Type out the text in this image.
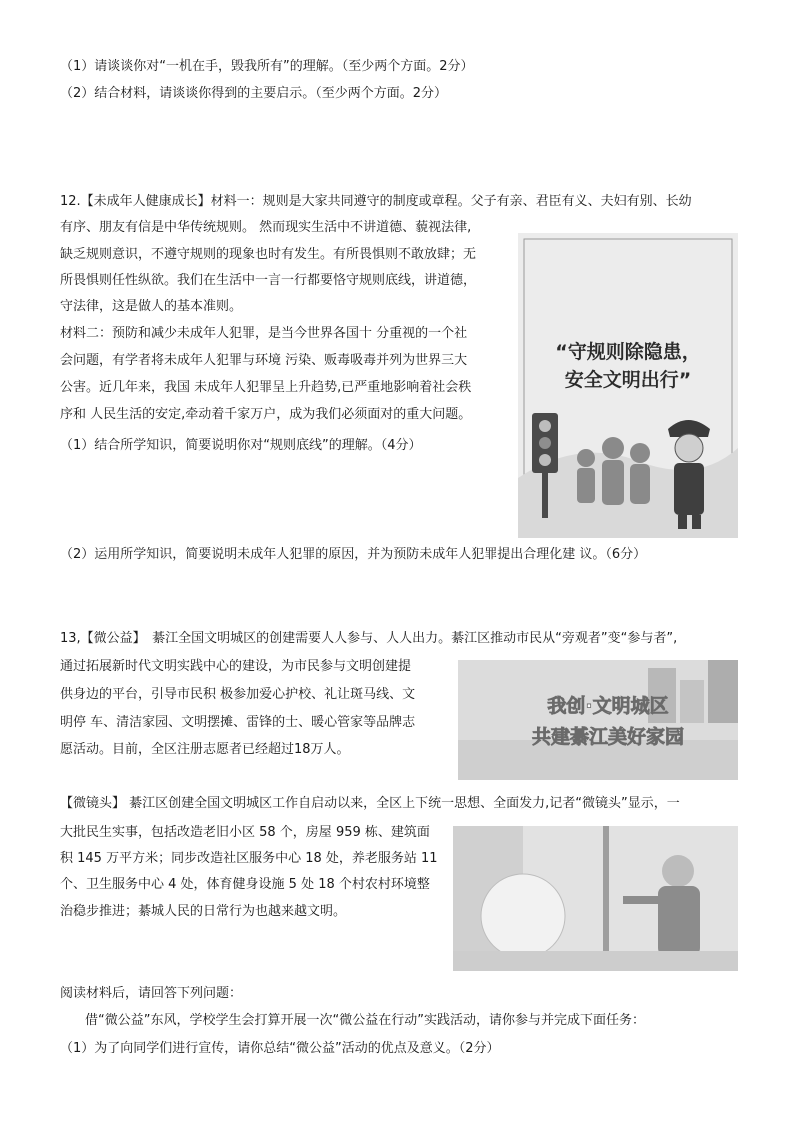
（1）请谈谈你对“一机在手，毁我所有”的理解。（至少两个方面。2分）
（2）结合材料，请谈谈你得到的主要启示。（至少两个方面。2分）
12.【未成年人健康成长】材料一：规则是大家共同遵守的制度或章程。父子有亲、君臣有义、夫妇有别、长幼
有序、朋友有信是中华传统规则。 然而现实生活中不讲道德、藐视法律,
缺乏规则意识，不遵守规则的现象也时有发生。有所畏惧则不敢放肆；无
所畏惧则任性纵欲。我们在生活中一言一行都要恪守规则底线，讲道德，
守法律，这是做人的基本准则。
材料二：预防和减少未成年人犯罪，是当今世界各国十 分重视的一个社
会问题，有学者将未成年人犯罪与环境 污染、贩毒吸毒并列为世界三大
公害。近几年来，我国 未成年人犯罪呈上升趋势,已严重地影响着社会秩
序和 人民生活的安定,牵动着千家万户，成为我们必须面对的重大问题。
（1）结合所学知识，简要说明你对“规则底线”的理解。（4分）
“守规则除隐患，
安全文明出行”
（2）运用所学知识，简要说明未成年人犯罪的原因，并为预防未成年人犯罪提出合理化建 议。（6分）
13,【微公益】　綦江全国文明城区的创建需要人人参与、人人出力。綦江区推动市民从“旁观者”变“参与者”,
通过拓展新时代文明实践中心的建设，为市民参与文明创建提
供身边的平台，引导市民积 极参加爱心护校、礼让斑马线、文
明停 车、清洁家园、文明摆摊、雷锋的士、暖心管家等品牌志
愿活动。目前，全区注册志愿者已经超过18万人。
我创·文明城区
共建綦江美好家园
【微镜头】 綦江区创建全国文明城区工作自启动以来，全区上下统一思想、全面发力,记者“微镜头”显示，一
大批民生实事，包括改造老旧小区 58 个，房屋 959 栋、建筑面
积 145 万平方米；同步改造社区服务中心 18 处，养老服务站 11
个、卫生服务中心 4 处，体育健身设施 5 处 18 个村农村环境整
治稳步推进；綦城人民的日常行为也越来越文明。
阅读材料后，请回答下列问题：
借“微公益”东风，学校学生会打算开展一次“微公益在行动”实践活动，请你参与并完成下面任务：
（1）为了向同学们进行宣传，请你总结“微公益”活动的优点及意义。（2分）
